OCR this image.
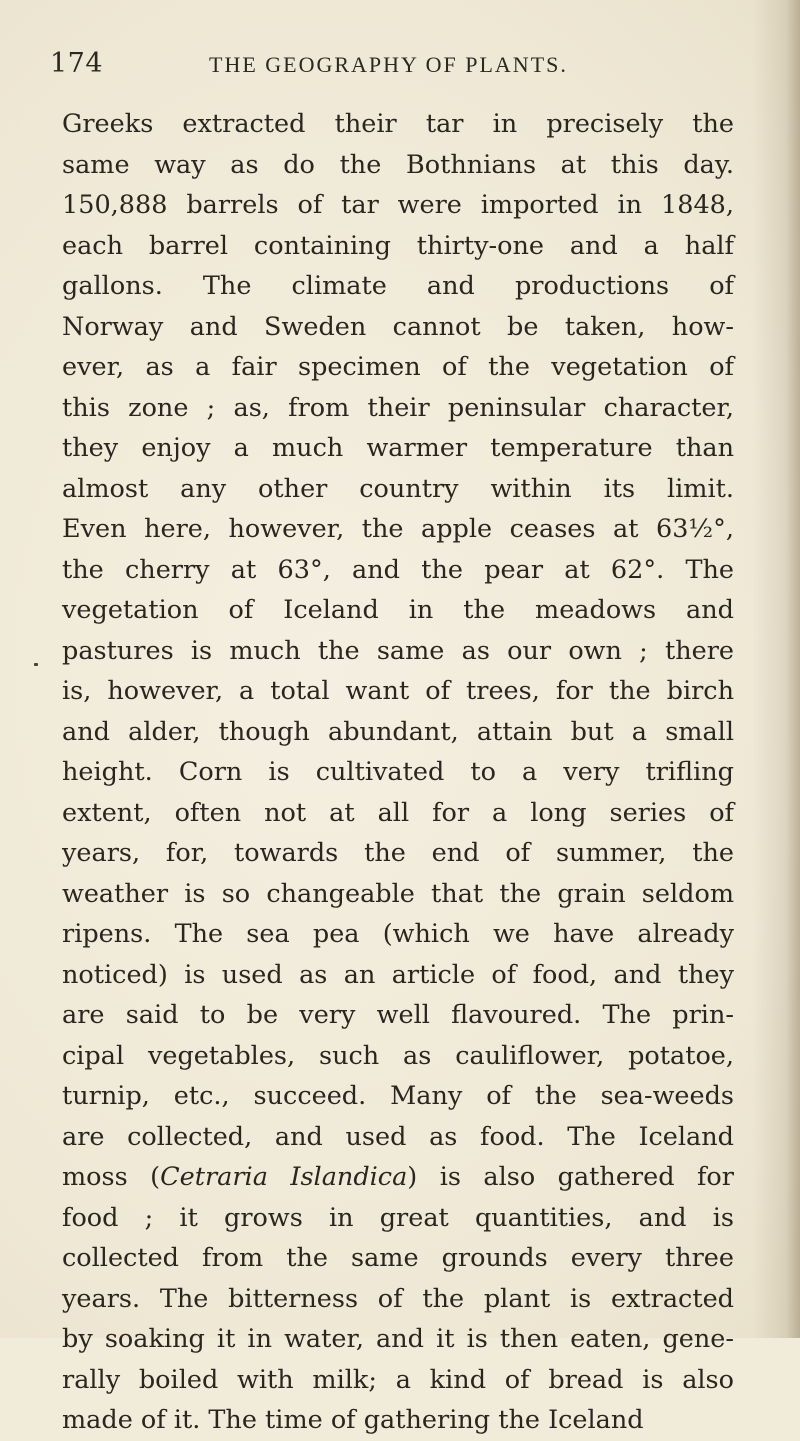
174	THE GEOGRAPHY OF PLANTS.
Greeks extracted their tar in precisely the
same way as do the Bothnians at this day.
150,888 barrels of tar were imported in 1848,
each barrel containing thirty-one and a half
gallons. The climate and productions of
Norway and Sweden cannot be taken, how-
ever, as a fair specimen of the vegetation of
this zone ; as, from their peninsular character,
they enjoy a much warmer temperature than
almost any other country within its limit.
Even here, however, the apple ceases at 63½°,
the cherry at 63°, and the pear at 62°. The
vegetation of Iceland in the meadows and
pastures is much the same as our own ; there
is, however, a total want of trees, for the birch
and alder, though abundant, attain but a small
height. Corn is cultivated to a very trifling
extent, often not at all for a long series of
years, for, towards the end of summer, the
weather is so changeable that the grain seldom
ripens. The sea pea (which we have already
noticed) is used as an article of food, and they
are said to be very well flavoured. The prin-
cipal vegetables, such as cauliflower, potatoe,
turnip, etc., succeed. Many of the sea-weeds
are collected, and used as food. The Iceland
moss (Cetraria Islandica) is also gathered for
food ; it grows in great quantities, and is
collected from the same grounds every three
years. The bitterness of the plant is extracted
by soaking it in water, and it is then eaten, gene-
rally boiled with milk; a kind of bread is also
made of it. The time of gathering the Iceland
